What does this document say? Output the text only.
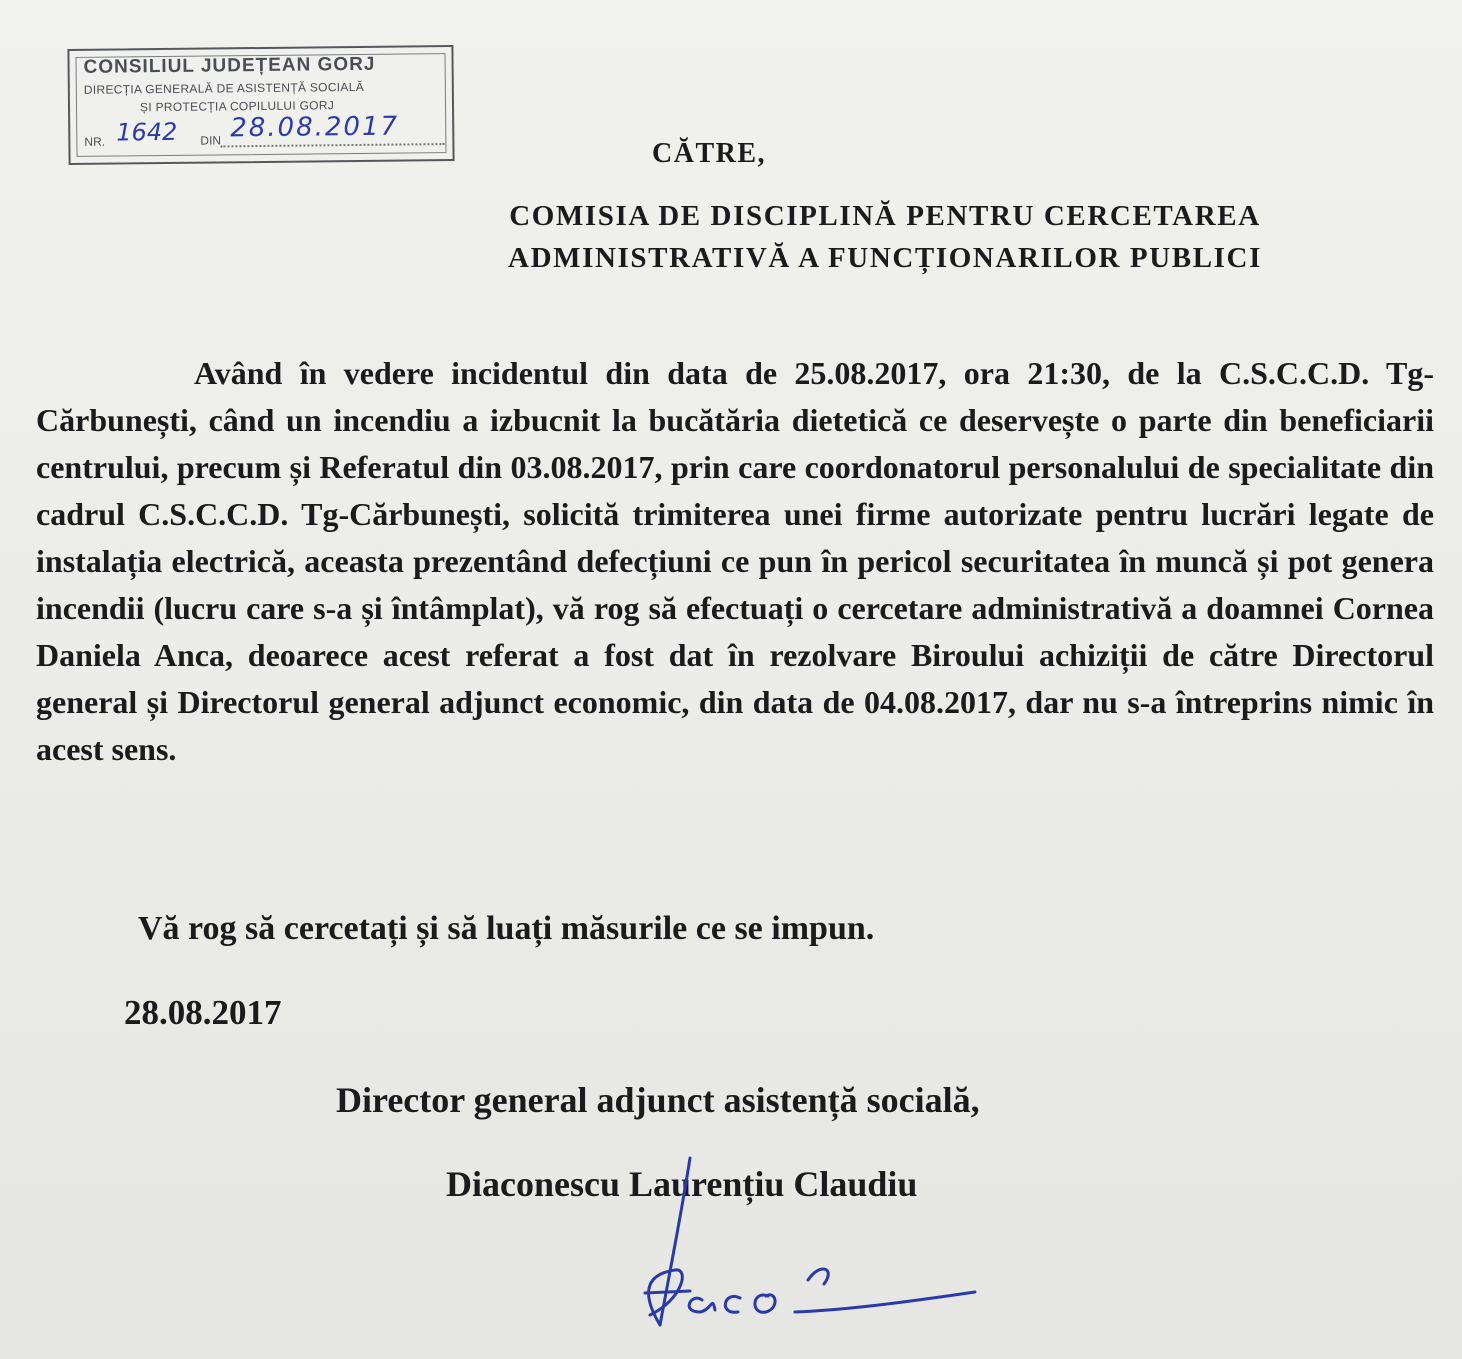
CONSILIUL JUDEȚEAN GORJ
DIRECȚIA GENERALĂ DE ASISTENȚĂ SOCIALĂ
ȘI PROTECȚIA COPILULUI GORJ
NR. 1642 DIN 28.08.2017
CĂTRE,
COMISIA DE DISCIPLINĂ PENTRU CERCETAREA
ADMINISTRATIVĂ A FUNCȚIONARILOR PUBLICI
Având în vedere incidentul din data de 25.08.2017, ora 21:30, de la C.S.C.C.D. Tg-Cărbunești, când un incendiu a izbucnit la bucătăria dietetică ce deservește o parte din beneficiarii centrului, precum și Referatul din 03.08.2017, prin care coordonatorul personalului de specialitate din cadrul C.S.C.C.D. Tg-Cărbunești, solicită trimiterea unei firme autorizate pentru lucrări legate de instalația electrică, aceasta prezentând defecțiuni ce pun în pericol securitatea în muncă și pot genera incendii (lucru care s-a și întâmplat), vă rog să efectuați o cercetare administrativă a doamnei Cornea Daniela Anca, deoarece acest referat a fost dat în rezolvare Biroului achiziții de către Directorul general și Directorul general adjunct economic, din data de 04.08.2017, dar nu s-a întreprins nimic în acest sens.
Vă rog să cercetați și să luați măsurile ce se impun.
28.08.2017
Director general adjunct asistență socială,
Diaconescu Laurențiu Claudiu
